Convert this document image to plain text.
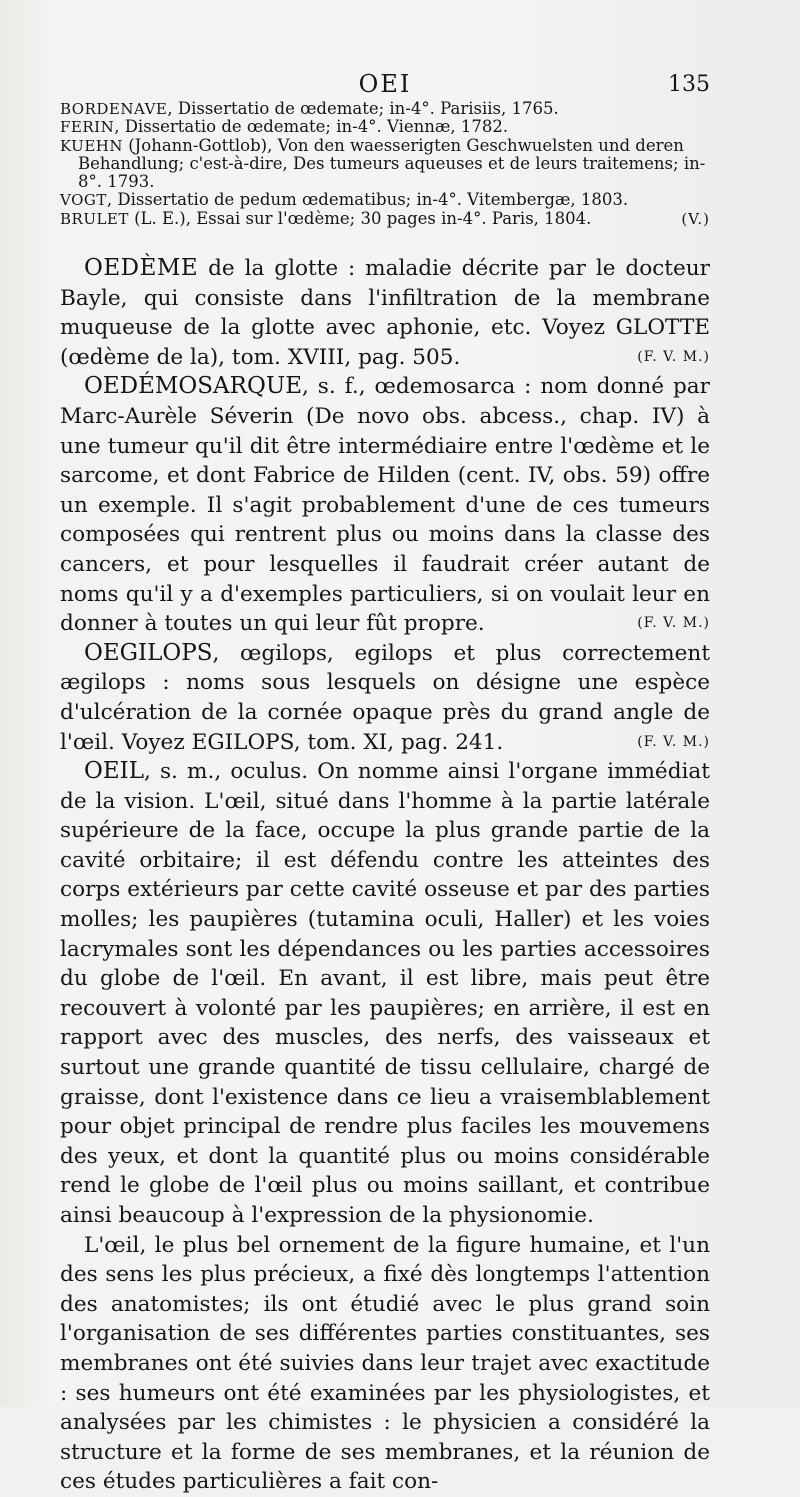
OEI	135

BORDENAVE, Dissertatio de œdemate; in-4°. Parisiis, 1765.

FERIN, Dissertatio de œdemate; in-4°. Viennæ, 1782.

KUEHN (Johann-Gottlob), Von den waesserigten Geschwuelsten und deren Behandlung; c'est-à-dire, Des tumeurs aqueuses et de leurs traitemens; in-8°. 1793.

VOGT, Dissertatio de pedum œdematibus; in-4°. Vitembergæ, 1803.

BRULET (L. E.), Essai sur l'œdème; 30 pages in-4°. Paris, 1804.	(V.)

OEDÈME de la glotte : maladie décrite par le docteur Bayle, qui consiste dans l'infiltration de la membrane muqueuse de la glotte avec aphonie, etc. Voyez GLOTTE (œdème de la), tom. XVIII, pag. 505.	(F. V. M.)

OEDÉMOSARQUE, s. f., œdemosarca : nom donné par Marc-Aurèle Séverin (De novo obs. abcess., chap. IV) à une tumeur qu'il dit être intermédiaire entre l'œdème et le sarcome, et dont Fabrice de Hilden (cent. IV, obs. 59) offre un exemple. Il s'agit probablement d'une de ces tumeurs composées qui rentrent plus ou moins dans la classe des cancers, et pour lesquelles il faudrait créer autant de noms qu'il y a d'exemples particuliers, si on voulait leur en donner à toutes un qui leur fût propre.	(F. V. M.)

OEGILOPS, œgilops, egilops et plus correctement ægilops : noms sous lesquels on désigne une espèce d'ulcération de la cornée opaque près du grand angle de l'œil. Voyez EGILOPS, tom. XI, pag. 241.	(F. V. M.)

OEIL, s. m., oculus. On nomme ainsi l'organe immédiat de la vision. L'œil, situé dans l'homme à la partie latérale supérieure de la face, occupe la plus grande partie de la cavité orbitaire; il est défendu contre les atteintes des corps extérieurs par cette cavité osseuse et par des parties molles; les paupières (tutamina oculi, Haller) et les voies lacrymales sont les dépendances ou les parties accessoires du globe de l'œil. En avant, il est libre, mais peut être recouvert à volonté par les paupières; en arrière, il est en rapport avec des muscles, des nerfs, des vaisseaux et surtout une grande quantité de tissu cellulaire, chargé de graisse, dont l'existence dans ce lieu a vraisemblablement pour objet principal de rendre plus faciles les mouvemens des yeux, et dont la quantité plus ou moins considérable rend le globe de l'œil plus ou moins saillant, et contribue ainsi beaucoup à l'expression de la physionomie.

L'œil, le plus bel ornement de la figure humaine, et l'un des sens les plus précieux, a fixé dès longtemps l'attention des anatomistes; ils ont étudié avec le plus grand soin l'organisation de ses différentes parties constituantes, ses membranes ont été suivies dans leur trajet avec exactitude : ses humeurs ont été examinées par les physiologistes, et analysées par les chimistes : le physicien a considéré la structure et la forme de ses membranes, et la réunion de ces études particulières a fait con-
